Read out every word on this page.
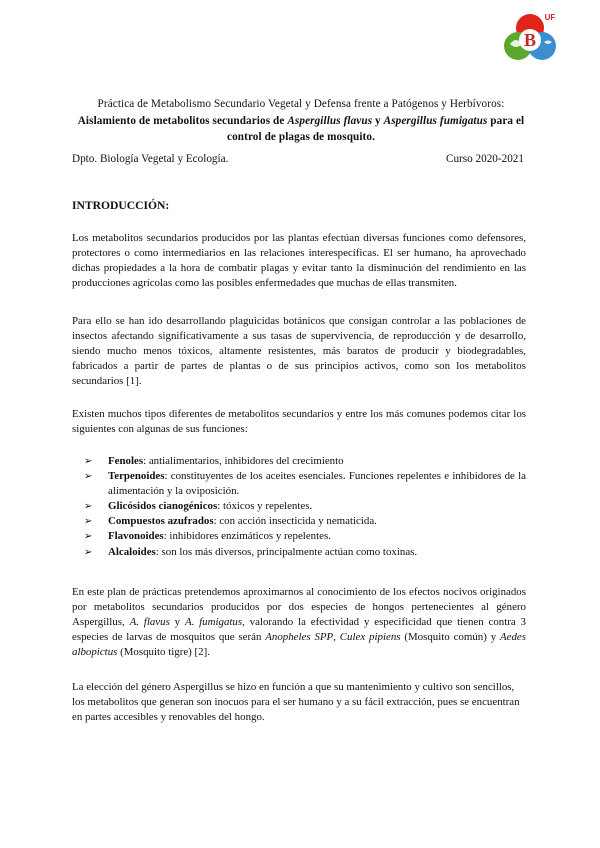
B
UF
Práctica de Metabolismo Secundario Vegetal y Defensa frente a Patógenos y Herbívoros: Aislamiento de metabolitos secundarios de Aspergillus flavus y Aspergillus fumigatus para el control de plagas de mosquito.
Dpto. Biología Vegetal y Ecología.	Curso 2020-2021
INTRODUCCIÓN:
Los metabolitos secundarios producidos por las plantas efectúan diversas funciones como defensores, protectores o como intermediarios en las relaciones interespecíficas. El ser humano, ha aprovechado dichas propiedades a la hora de combatir plagas y evitar tanto la disminución del rendimiento en las producciones agrícolas como las posibles enfermedades que muchas de ellas transmiten.
Para ello se han ido desarrollando plaguicidas botánicos que consigan controlar a las poblaciones de insectos afectando significativamente a sus tasas de supervivencia, de reproducción y de desarrollo, siendo mucho menos tóxicos, altamente resistentes, más baratos de producir y biodegradables, fabricados a partir de partes de plantas o de sus principios activos, como son los metabolitos secundarios [1].
Existen muchos tipos diferentes de metabolitos secundarios y entre los más comunes podemos citar los siguientes con algunas de sus funciones:
➢ Fenoles: antialimentarios, inhibidores del crecimiento
➢ Terpenoides: constituyentes de los aceites esenciales. Funciones repelentes e inhibidores de la alimentación y la oviposición.
➢ Glicósidos cianogénicos: tóxicos y repelentes.
➢ Compuestos azufrados: con acción insecticida y nematicida.
➢ Flavonoides: inhibidores enzimáticos y repelentes.
➢ Alcaloides: son los más diversos, principalmente actúan como toxinas.
En este plan de prácticas pretendemos aproximarnos al conocimiento de los efectos nocivos originados por metabolitos secundarios producidos por dos especies de hongos pertenecientes al género Aspergillus, A. flavus y A. fumigatus, valorando la efectividad y especificidad que tienen contra 3 especies de larvas de mosquitos que serán Anopheles SPP, Culex pipiens (Mosquito común) y Aedes albopictus (Mosquito tigre) [2].
La elección del género Aspergillus se hizo en función a que su mantenimiento y cultivo son sencillos, los metabolitos que generan son inocuos para el ser humano y a su fácil extracción, pues se encuentran en partes accesibles y renovables del hongo.
